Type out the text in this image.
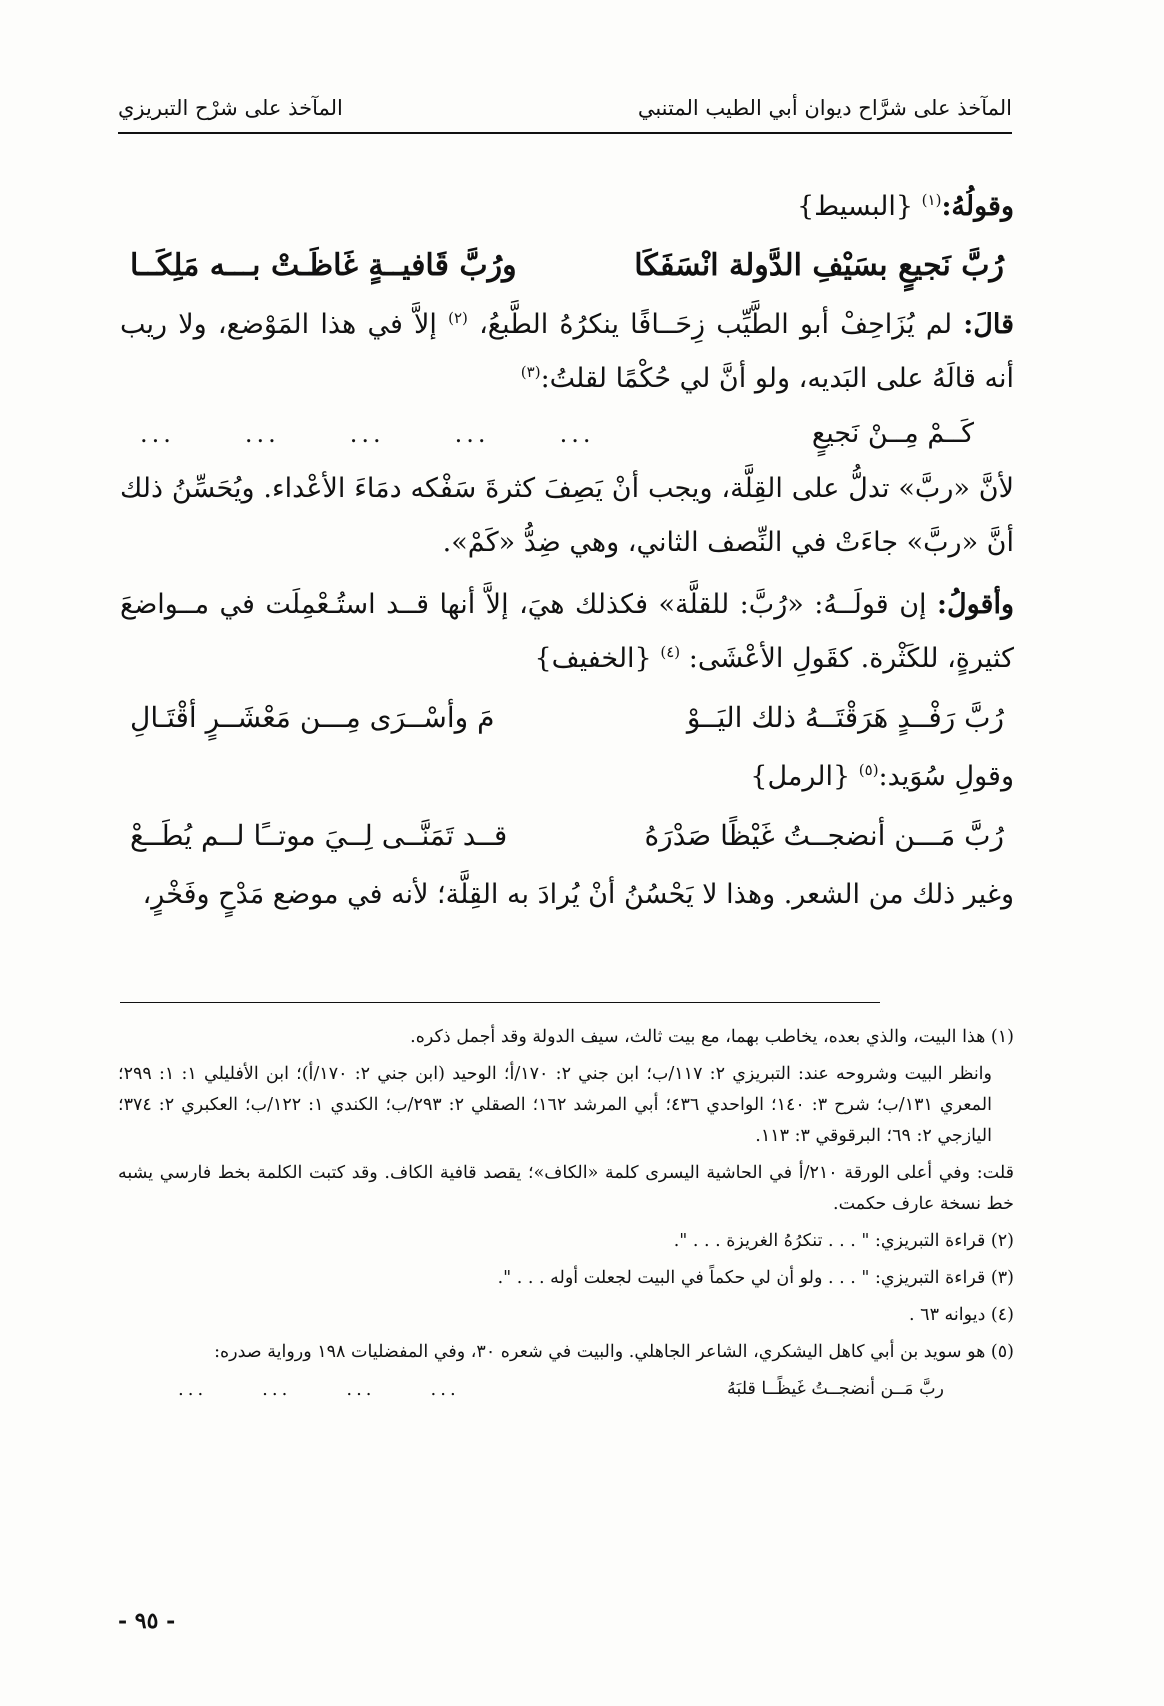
المآخذ على شرَّاح ديوان أبي الطيب المتنبي
المآخذ على شرْح التبريزي

وقولُهُ:$^{(١)}$ {البسيط}

رُبَّ نَجيعٍ بسَيْفِ الدَّولة انْسَفَكَا
ورُبَّ قَافيــةٍ غَاظَـتْ بـــه مَلِكَــا

قالَ: لم يُزَاحِفْ أبو الطَّيِّب زِحَــافًا ينكرُهُ الطَّبعُ، $^{(٢)}$ إلاَّ في هذا المَوْضع، ولا ريب أنه قالَهُ على البَديه، ولو أنَّ لي حُكْمًا لقلتُ:$^{(٣)}$

كَــمْ مِــنْ نَجيعٍ
...
...
...
...
...

لأنَّ «ربَّ» تدلُّ على القِلَّة، ويجب أنْ يَصِفَ كثرةَ سَفْكه دمَاءَ الأعْداء. ويُحَسِّنُ ذلك أنَّ «ربَّ» جاءَتْ في النِّصف الثاني، وهي ضِدُّ «كَمْ».

وأقولُ: إن قولَــهُ: «رُبَّ: للقلَّة» فكذلك هيَ، إلاَّ أنها قــد استُـعْمِلَت في مــواضعَ كثيرةٍ، للكَثْرة. كقَولِ الأعْشَى: $^{(٤)}$ {الخفيف}

رُبَّ رَفْــدٍ هَرَقْتَــهُ ذلك اليَــوْ
مَ وأسْــرَى مِـــن مَعْشَــرٍ أقْتَـالِ

وقولِ سُوَيد:$^{(٥)}$ {الرمل}

رُبَّ مَـــن أنضجــتُ غَيْظًا صَدْرَهُ
قــد تَمَنَّــى لِــيَ موتــًا لــم يُطَــعْ

وغير ذلك من الشعر. وهذا لا يَحْسُنُ أنْ يُرادَ به القِلَّة؛ لأنه في موضع مَدْحٍ وفَخْرٍ،

(١) هذا البيت، والذي بعده، يخاطب بهما، مع بيت ثالث، سيف الدولة وقد أجمل ذكره.

وانظر البيت وشروحه عند: التبريزي ٢: ١١٧/ب؛ ابن جني ٢: ١٧٠/أ؛ الوحيد (ابن جني ٢: ١٧٠/أ)؛ ابن الأفليلي ١: ١: ٢٩٩؛ المعري ١٣١/ب؛ شرح ٣: ١٤٠؛ الواحدي ٤٣٦؛ أبي المرشد ١٦٢؛ الصقلي ٢: ٢٩٣/ب؛ الكندي ١: ١٢٢/ب؛ العكبري ٢: ٣٧٤؛ اليازجي ٢: ٦٩؛ البرقوقي ٣: ١١٣.

قلت: وفي أعلى الورقة ٢١٠/أ في الحاشية اليسرى كلمة «الكاف»؛ يقصد قافية الكاف. وقد كتبت الكلمة بخط فارسي يشبه خط نسخة عارف حكمت.

(٢) قراءة التبريزي: " . . . تنكرُهُ الغريزة . . . ".

(٣) قراءة التبريزي: " . . . ولو أن لي حكماً في البيت لجعلت أوله . . . ".

(٤) ديوانه ٦٣ .

(٥) هو سويد بن أبي كاهل اليشكري، الشاعر الجاهلي. والبيت في شعره ٣٠، وفي المفضليات ١٩٨ ورواية صدره:

ربَّ مَــن أنضجــتُ غَيظًــا قلبَهُ
...
...
...
...
- ٩٥ -
